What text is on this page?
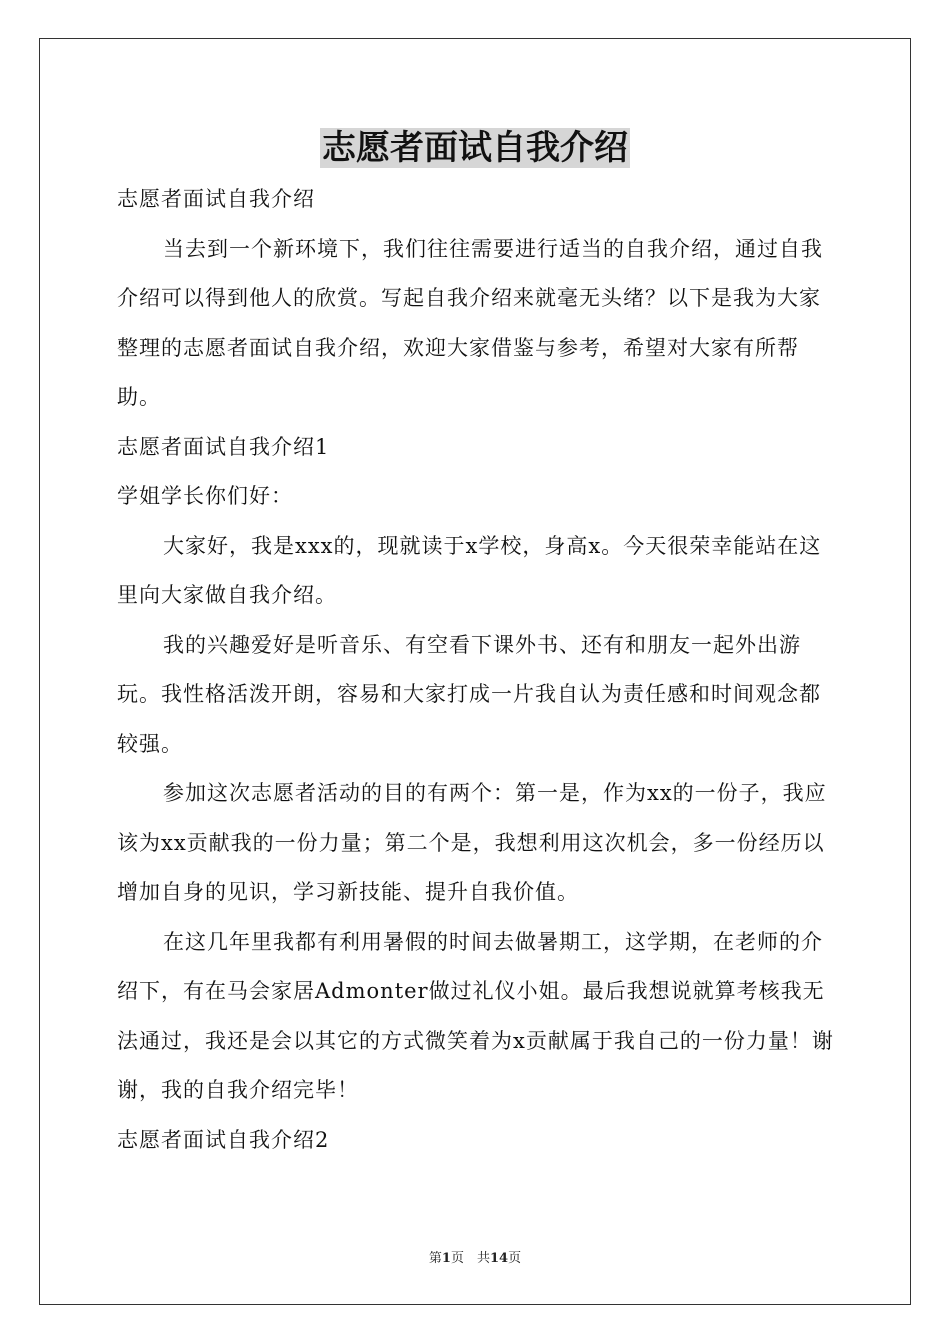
志愿者面试自我介绍

志愿者面试自我介绍

当去到一个新环境下，我们往往需要进行适当的自我介绍，通过自我介绍可以得到他人的欣赏。写起自我介绍来就毫无头绪？以下是我为大家整理的志愿者面试自我介绍，欢迎大家借鉴与参考，希望对大家有所帮助。

志愿者面试自我介绍1

学姐学长你们好：

大家好，我是xxx的，现就读于x学校，身高x。今天很荣幸能站在这里向大家做自我介绍。

我的兴趣爱好是听音乐、有空看下课外书、还有和朋友一起外出游玩。我性格活泼开朗，容易和大家打成一片我自认为责任感和时间观念都较强。

参加这次志愿者活动的目的有两个：第一是，作为xx的一份子，我应该为xx贡献我的一份力量；第二个是，我想利用这次机会，多一份经历以增加自身的见识，学习新技能、提升自我价值。

在这几年里我都有利用暑假的时间去做暑期工，这学期，在老师的介绍下，有在马会家居Admonter做过礼仪小姐。最后我想说就算考核我无法通过，我还是会以其它的方式微笑着为x贡献属于我自己的一份力量！谢谢，我的自我介绍完毕！

志愿者面试自我介绍2

第1页　共14页
